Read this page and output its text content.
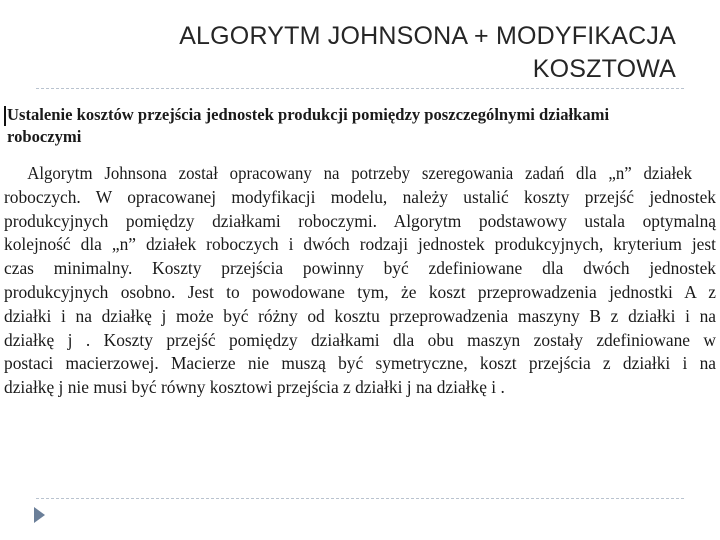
ALGORYTM JOHNSONA + MODYFIKACJA
KOSZTOWA
Ustalenie kosztów przejścia jednostek produkcji pomiędzy poszczególnymi działkami
roboczymi
Algorytm Johnsona został opracowany na potrzeby szeregowania zadań dla „n” działek
roboczych. W opracowanej modyfikacji modelu, należy ustalić koszty przejść jednostek
produkcyjnych pomiędzy działkami roboczymi. Algorytm podstawowy ustala optymalną
kolejność dla „n” działek roboczych i dwóch rodzaji jednostek produkcyjnych, kryterium jest
czas minimalny. Koszty przejścia powinny być zdefiniowane dla dwóch jednostek
produkcyjnych osobno. Jest to powodowane tym, że koszt przeprowadzenia jednostki A z
działki i na działkę j może być różny od kosztu przeprowadzenia maszyny B z działki i na
działkę j . Koszty przejść pomiędzy działkami dla obu maszyn zostały zdefiniowane w
postaci macierzowej. Macierze nie muszą być symetryczne, koszt przejścia z działki i na
działkę j nie musi być równy kosztowi przejścia z działki j na działkę i .
